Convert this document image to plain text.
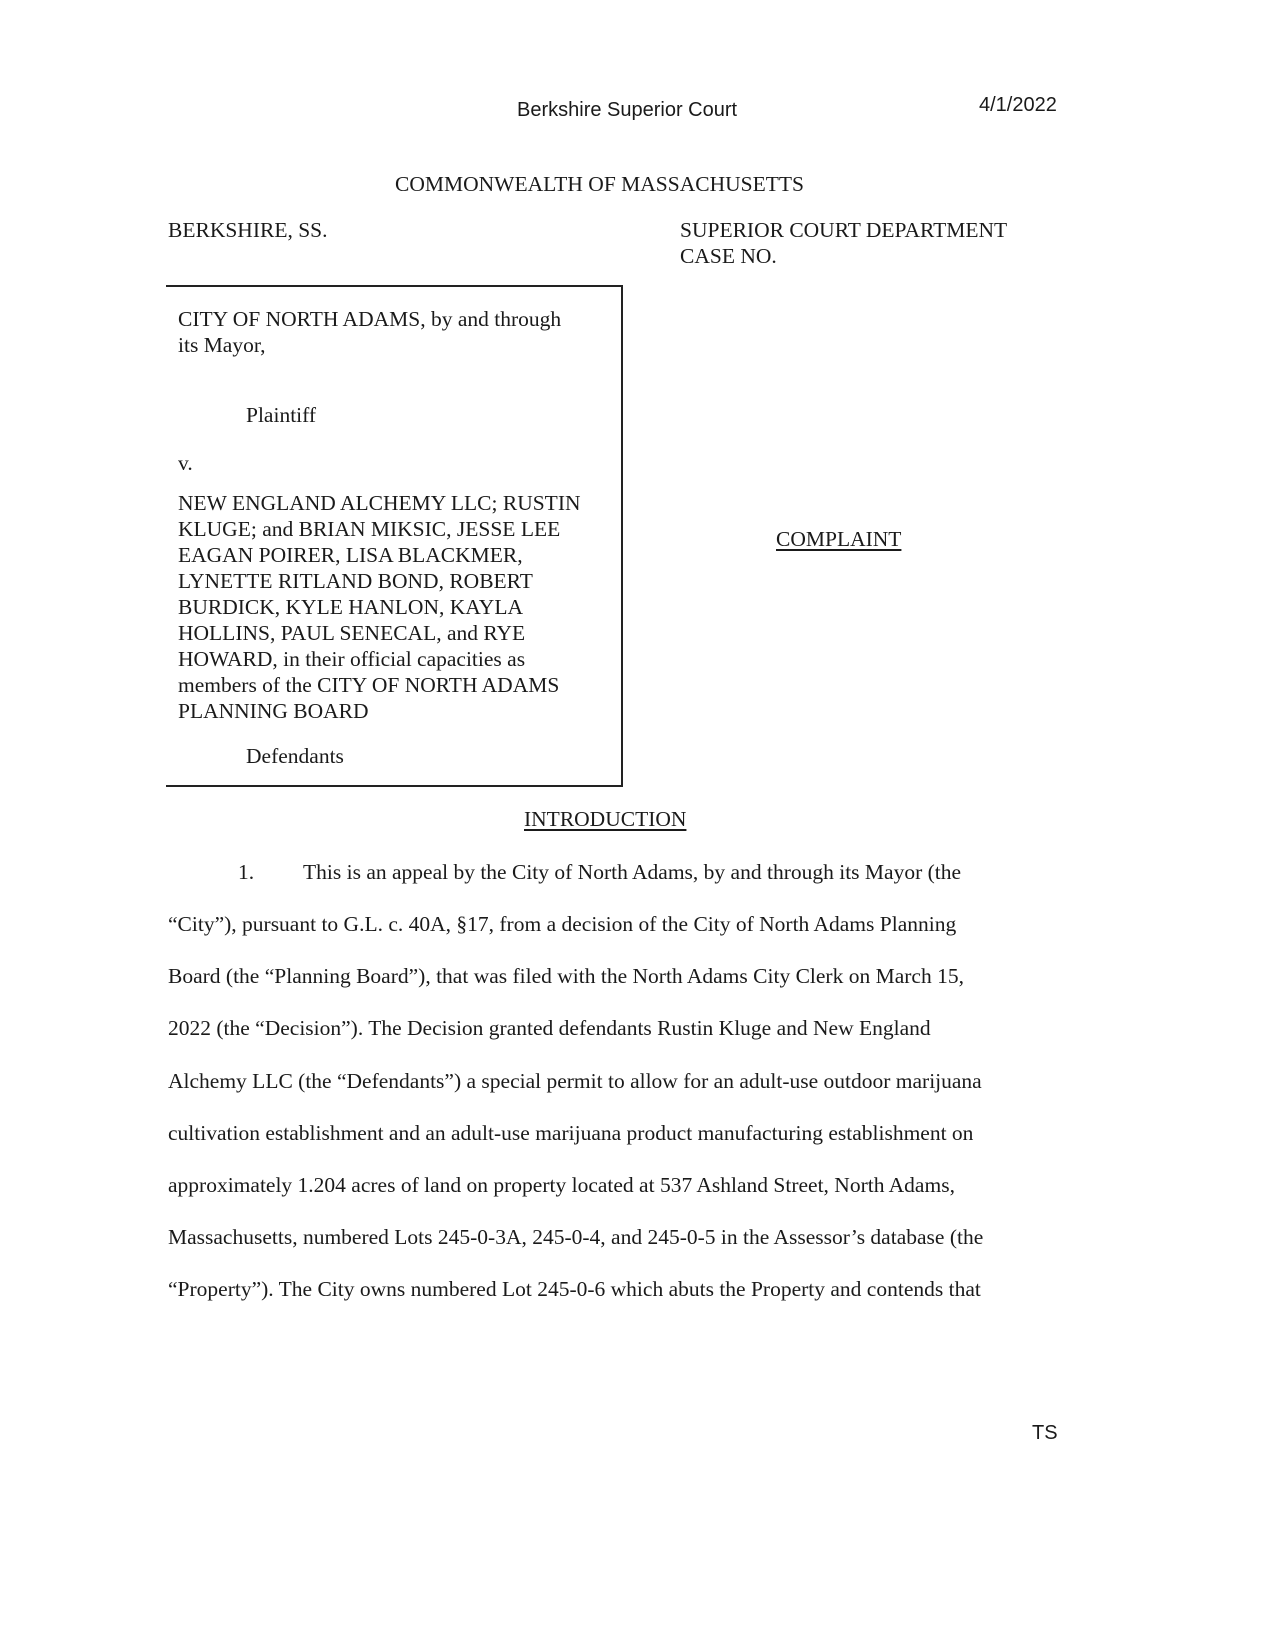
Berkshire Superior Court	4/1/2022
COMMONWEALTH OF MASSACHUSETTS
BERKSHIRE, SS.	SUPERIOR COURT DEPARTMENT
CASE NO.
CITY OF NORTH ADAMS, by and through
its Mayor,
Plaintiff
v.
NEW ENGLAND ALCHEMY LLC; RUSTIN
KLUGE; and BRIAN MIKSIC, JESSE LEE
EAGAN POIRER, LISA BLACKMER,
LYNETTE RITLAND BOND, ROBERT
BURDICK, KYLE HANLON, KAYLA
HOLLINS, PAUL SENECAL, and RYE
HOWARD, in their official capacities as
members of the CITY OF NORTH ADAMS
PLANNING BOARD
Defendants
COMPLAINT
INTRODUCTION
1. This is an appeal by the City of North Adams, by and through its Mayor (the
“City”), pursuant to G.L. c. 40A, §17, from a decision of the City of North Adams Planning
Board (the “Planning Board”), that was filed with the North Adams City Clerk on March 15,
2022 (the “Decision”). The Decision granted defendants Rustin Kluge and New England
Alchemy LLC (the “Defendants”) a special permit to allow for an adult-use outdoor marijuana
cultivation establishment and an adult-use marijuana product manufacturing establishment on
approximately 1.204 acres of land on property located at 537 Ashland Street, North Adams,
Massachusetts, numbered Lots 245-0-3A, 245-0-4, and 245-0-5 in the Assessor’s database (the
“Property”). The City owns numbered Lot 245-0-6 which abuts the Property and contends that
TS
